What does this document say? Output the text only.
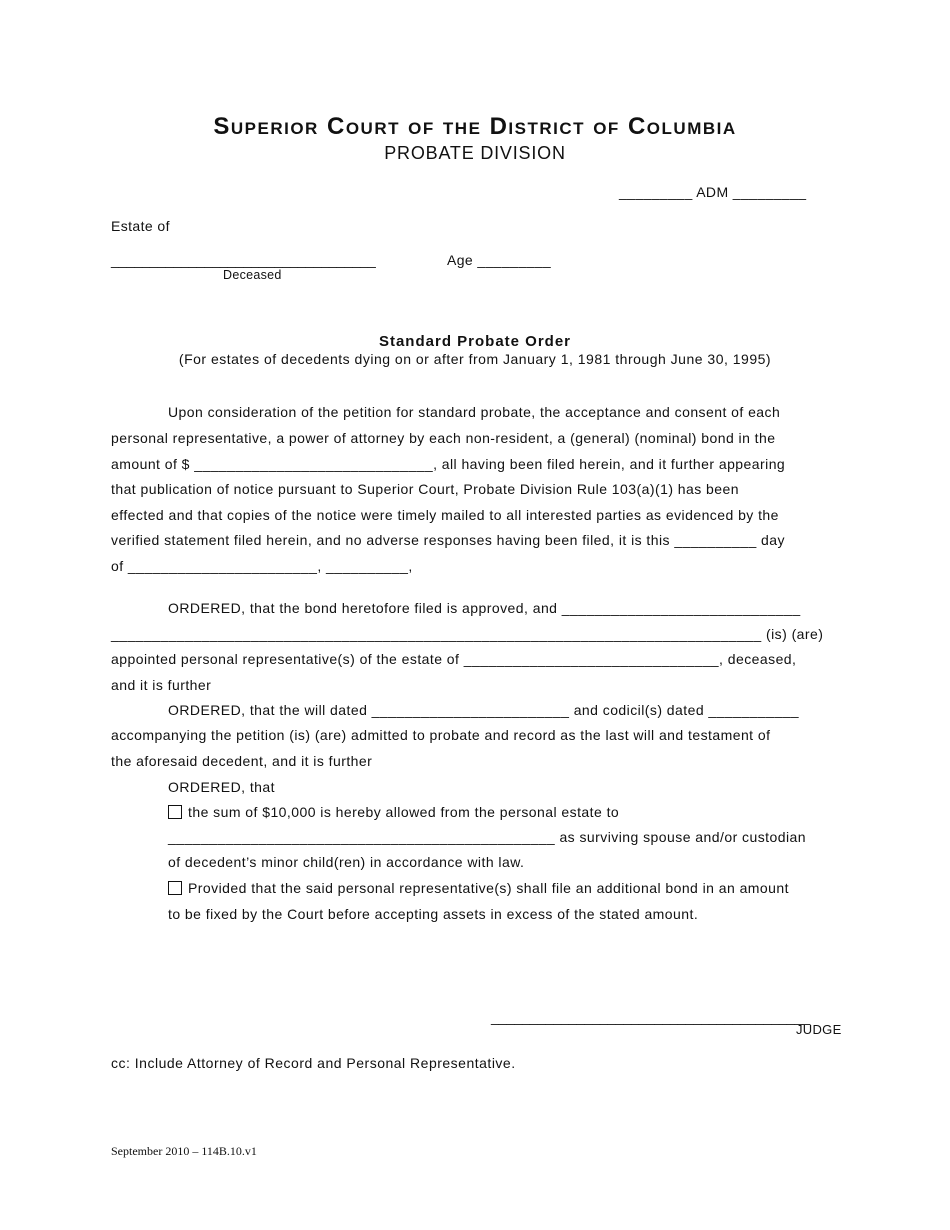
Superior Court of the District of Columbia
PROBATE DIVISION
_________ ADM _________
Estate of
__________________________________
Deceased
Age _________
Standard Probate Order
(For estates of decedents dying on or after from January 1, 1981 through June 30, 1995)
Upon consideration of the petition for standard probate, the acceptance and consent of each
personal representative, a power of attorney by each non-resident, a (general) (nominal) bond in the
amount of $ _____________________________, all having been filed herein, and it further appearing
that publication of notice pursuant to Superior Court, Probate Division Rule 103(a)(1) has been
effected and that copies of the notice were timely mailed to all interested parties as evidenced by the
verified statement filed herein, and no adverse responses having been filed, it is this __________ day
of _______________________, __________,
ORDERED, that the bond heretofore filed is approved, and _____________________________
_______________________________________________________________________________ (is) (are)
appointed personal representative(s) of the estate of _______________________________, deceased,
and it is further
ORDERED, that the will dated ________________________ and codicil(s) dated ___________
accompanying the petition (is) (are) admitted to probate and record as the last will and testament of
the aforesaid decedent, and it is further
ORDERED, that
the sum of $10,000 is hereby allowed from the personal estate to
_______________________________________________ as surviving spouse and/or custodian
of decedent’s minor child(ren) in accordance with law.
Provided that the said personal representative(s) shall file an additional bond in an amount
to be fixed by the Court before accepting assets in excess of the stated amount.
_________________________________________
JUDGE
cc: Include Attorney of Record and Personal Representative.
September 2010 – 114B.10.v1
